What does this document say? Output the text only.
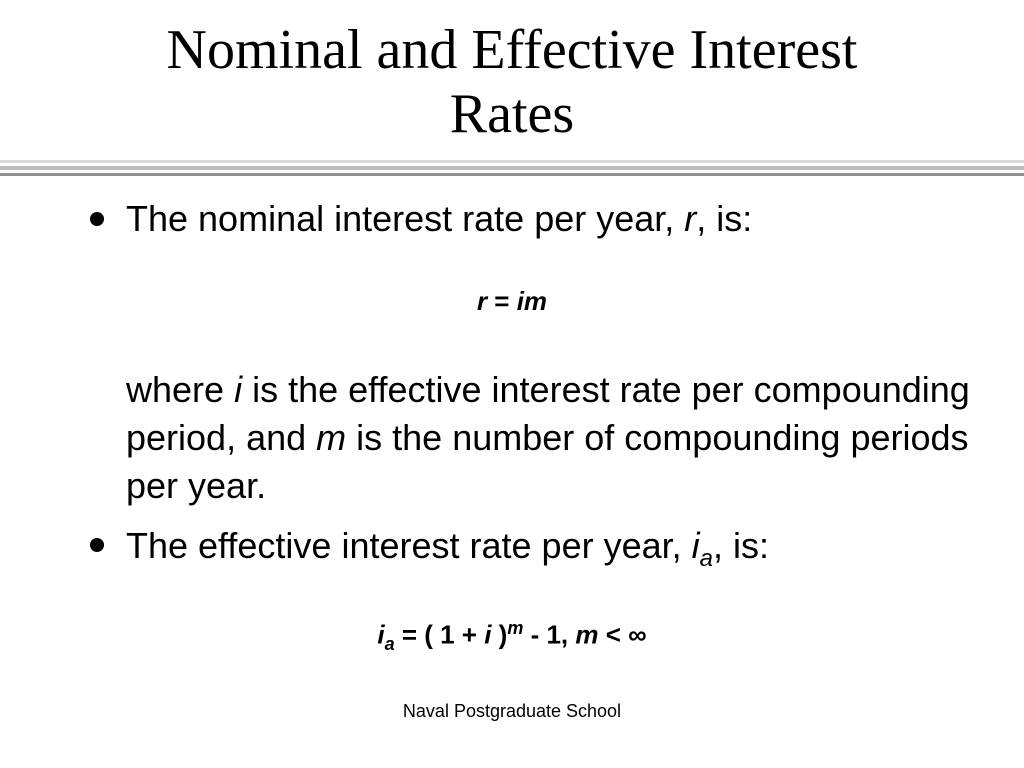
Nominal and Effective Interest
Rates

The nominal interest rate per year, r, is:

r = im

where i is the effective interest rate per compounding period, and m is the number of compounding periods per year.

The effective interest rate per year, $i_a$, is:

$i_a$ = ( 1 + i )$^m$ - 1, m < ∞
Naval Postgraduate School
